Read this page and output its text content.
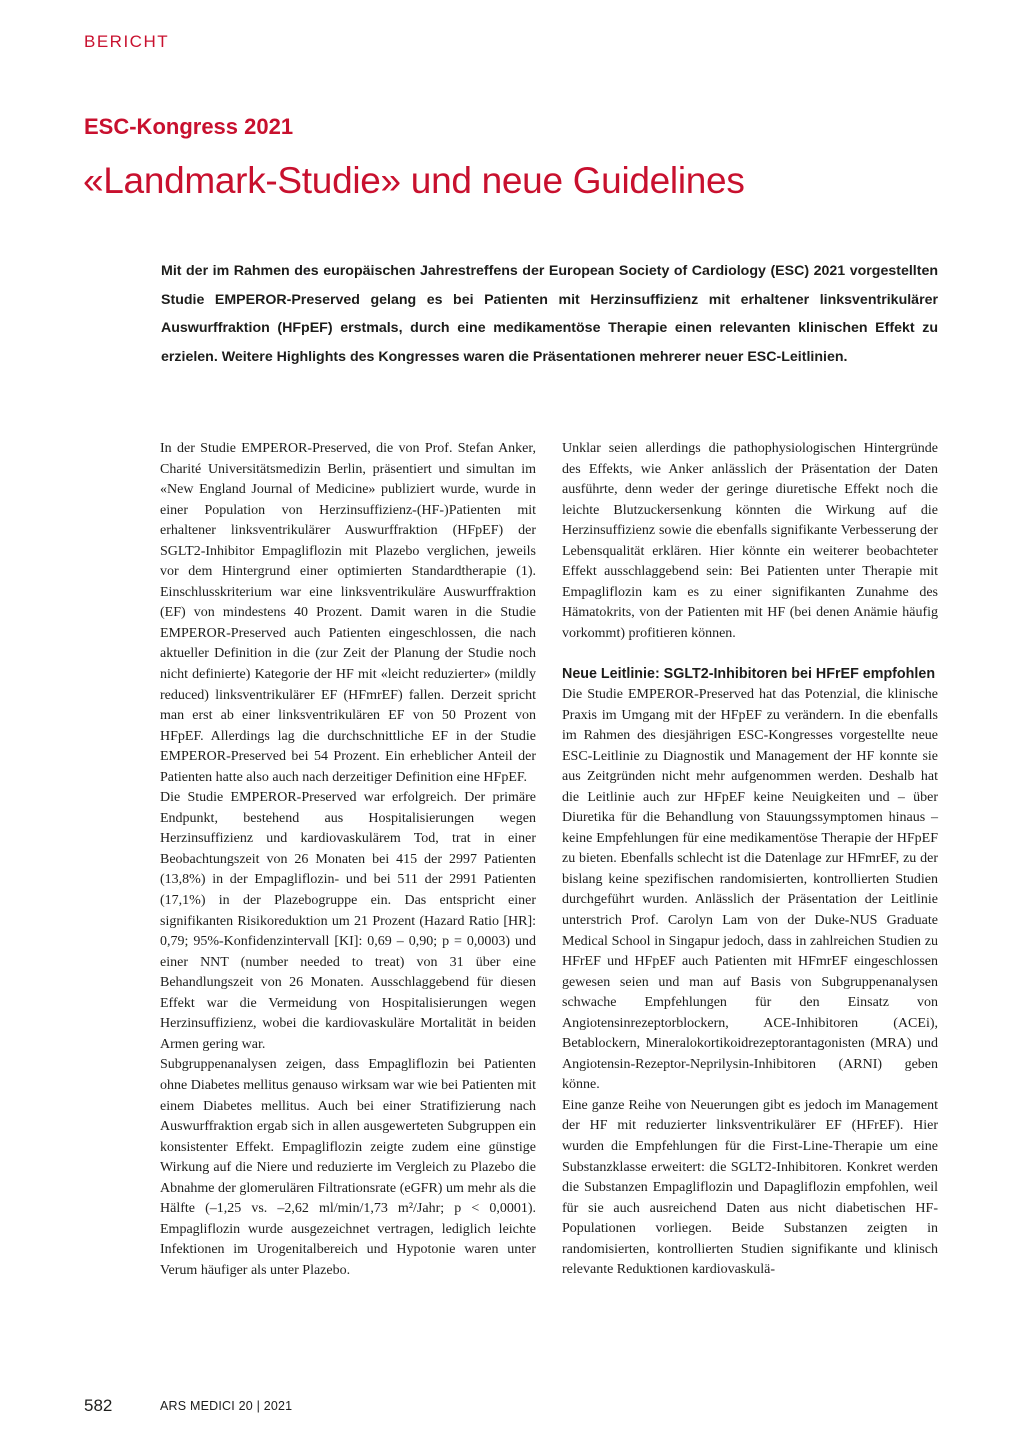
BERICHT
ESC-Kongress 2021
«Landmark-Studie» und neue Guidelines

Mit der im Rahmen des europäischen Jahrestreffens der European Society of Cardiology (ESC) 2021 vorgestellten Studie EMPEROR-Preserved gelang es bei Patienten mit Herzinsuffizienz mit erhaltener linksventrikulärer Auswurffraktion (HFpEF) erstmals, durch eine medikamentöse Therapie einen relevanten klinischen Effekt zu erzielen. Weitere Highlights des Kongresses waren die Präsentationen mehrerer neuer ESC-Leitlinien.

In der Studie EMPEROR-Preserved, die von Prof. Stefan Anker, Charité Universitätsmedizin Berlin, präsentiert und simultan im «New England Journal of Medicine» publiziert wurde, wurde in einer Population von Herzinsuffizienz-(HF-)Patienten mit erhaltener linksventrikulärer Auswurffraktion (HFpEF) der SGLT2-Inhibitor Empagliflozin mit Plazebo verglichen, jeweils vor dem Hintergrund einer optimierten Standardtherapie (1). Einschlusskriterium war eine linksventrikuläre Auswurffraktion (EF) von mindestens 40 Prozent. Damit waren in die Studie EMPEROR-Preserved auch Patienten eingeschlossen, die nach aktueller Definition in die (zur Zeit der Planung der Studie noch nicht definierte) Kategorie der HF mit «leicht reduzierter» (mildly reduced) linksventrikulärer EF (HFmrEF) fallen. Derzeit spricht man erst ab einer linksventrikulären EF von 50 Prozent von HFpEF. Allerdings lag die durchschnittliche EF in der Studie EMPEROR-Preserved bei 54 Prozent. Ein erheblicher Anteil der Patienten hatte also auch nach derzeitiger Definition eine HFpEF.

Die Studie EMPEROR-Preserved war erfolgreich. Der primäre Endpunkt, bestehend aus Hospitalisierungen wegen Herzinsuffizienz und kardiovaskulärem Tod, trat in einer Beobachtungszeit von 26 Monaten bei 415 der 2997 Patienten (13,8%) in der Empagliflozin- und bei 511 der 2991 Patienten (17,1%) in der Plazebogruppe ein. Das entspricht einer signifikanten Risikoreduktion um 21 Prozent (Hazard Ratio [HR]: 0,79; 95%-Konfidenzintervall [KI]: 0,69 – 0,90; p = 0,0003) und einer NNT (number needed to treat) von 31 über eine Behandlungszeit von 26 Monaten. Ausschlaggebend für diesen Effekt war die Vermeidung von Hospitalisierungen wegen Herzinsuffizienz, wobei die kardiovaskuläre Mortalität in beiden Armen gering war.

Subgruppenanalysen zeigen, dass Empagliflozin bei Patienten ohne Diabetes mellitus genauso wirksam war wie bei Patienten mit einem Diabetes mellitus. Auch bei einer Stratifizierung nach Auswurffraktion ergab sich in allen ausgewerteten Subgruppen ein konsistenter Effekt. Empagliflozin zeigte zudem eine günstige Wirkung auf die Niere und reduzierte im Vergleich zu Plazebo die Abnahme der glomerulären Filtrationsrate (eGFR) um mehr als die Hälfte (–1,25 vs. –2,62 ml/min/1,73 m²/Jahr; p < 0,0001). Empagliflozin wurde ausgezeichnet vertragen, lediglich leichte Infektionen im Urogenitalbereich und Hypotonie waren unter Verum häufiger als unter Plazebo.

Unklar seien allerdings die pathophysiologischen Hintergründe des Effekts, wie Anker anlässlich der Präsentation der Daten ausführte, denn weder der geringe diuretische Effekt noch die leichte Blutzuckersenkung könnten die Wirkung auf die Herzinsuffizienz sowie die ebenfalls signifikante Verbesserung der Lebensqualität erklären. Hier könnte ein weiterer beobachteter Effekt ausschlaggebend sein: Bei Patienten unter Therapie mit Empagliflozin kam es zu einer signifikanten Zunahme des Hämatokrits, von der Patienten mit HF (bei denen Anämie häufig vorkommt) profitieren können.

Neue Leitlinie: SGLT2-Inhibitoren bei HFrEF empfohlen

Die Studie EMPEROR-Preserved hat das Potenzial, die klinische Praxis im Umgang mit der HFpEF zu verändern. In die ebenfalls im Rahmen des diesjährigen ESC-Kongresses vorgestellte neue ESC-Leitlinie zu Diagnostik und Management der HF konnte sie aus Zeitgründen nicht mehr aufgenommen werden. Deshalb hat die Leitlinie auch zur HFpEF keine Neuigkeiten und – über Diuretika für die Behandlung von Stauungssymptomen hinaus – keine Empfehlungen für eine medikamentöse Therapie der HFpEF zu bieten. Ebenfalls schlecht ist die Datenlage zur HFmrEF, zu der bislang keine spezifischen randomisierten, kontrollierten Studien durchgeführt wurden. Anlässlich der Präsentation der Leitlinie unterstrich Prof. Carolyn Lam von der Duke-NUS Graduate Medical School in Singapur jedoch, dass in zahlreichen Studien zu HFrEF und HFpEF auch Patienten mit HFmrEF eingeschlossen gewesen seien und man auf Basis von Subgruppenanalysen schwache Empfehlungen für den Einsatz von Angiotensinrezeptorblockern, ACE-Inhibitoren (ACEi), Betablockern, Mineralokortikoidrezeptorantagonisten (MRA) und Angiotensin-Rezeptor-Neprilysin-Inhibitoren (ARNI) geben könne.

Eine ganze Reihe von Neuerungen gibt es jedoch im Management der HF mit reduzierter linksventrikulärer EF (HFrEF). Hier wurden die Empfehlungen für die First-Line-Therapie um eine Substanzklasse erweitert: die SGLT2-Inhibitoren. Konkret werden die Substanzen Empagliflozin und Dapagliflozin empfohlen, weil für sie auch ausreichend Daten aus nicht diabetischen HF-Populationen vorliegen. Beide Substanzen zeigten in randomisierten, kontrollierten Studien signifikante und klinisch relevante Reduktionen kardiovaskulä-

582	ARS MEDICI 20 | 2021
